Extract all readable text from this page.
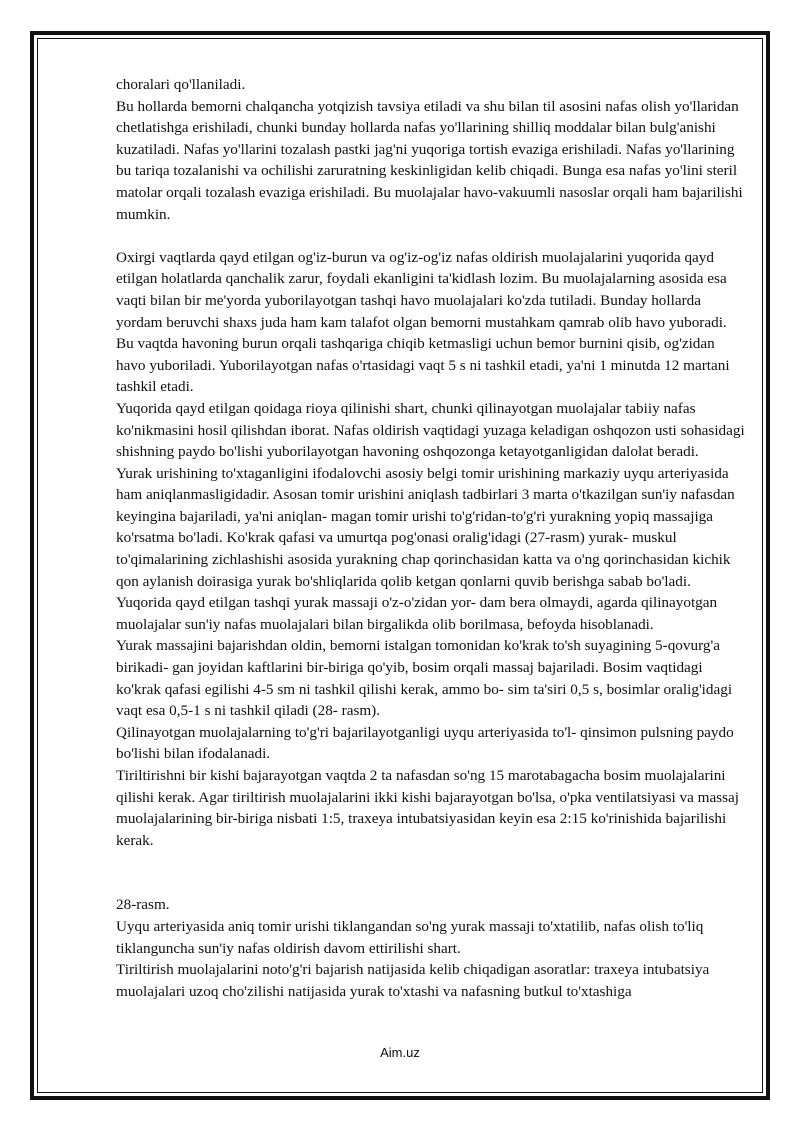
choralari qo'llaniladi.

Bu hollarda bemorni chalqancha yotqizish tavsiya etiladi va shu bilan til asosini nafas olish yo'llaridan chetlatishga erishiladi, chunki bunday hollarda nafas yo'llarining shilliq moddalar bilan bulg'anishi kuzatiladi. Nafas yo'llarini tozalash pastki jag'ni yuqoriga tortish evaziga erishiladi. Nafas yo'llarining bu tariqa tozalanishi va ochilishi zaruratning keskinligidan kelib chiqadi. Bunga esa nafas yo'lini steril matolar orqali tozalash evaziga erishiladi. Bu muolajalar havo-vakuumli nasoslar orqali ham bajarilishi mumkin.

Oxirgi vaqtlarda qayd etilgan og'iz-burun va og'iz-og'iz nafas oldirish muolajalarini yuqorida qayd etilgan holatlarda qanchalik zarur, foydali ekanligini ta'kidlash lozim. Bu muolajalarning asosida esa vaqti bilan bir me'yorda yuborilayotgan tashqi havo muolajalari ko'zda tutiladi. Bunday hollarda yordam beruvchi shaxs juda ham kam talafot olgan bemorni mustahkam qamrab olib havo yuboradi. Bu vaqtda havoning burun orqali tashqariga chiqib ketmasligi uchun bemor burnini qisib, og'zidan havo yuboriladi. Yuborilayotgan nafas o'rtasidagi vaqt 5 s ni tashkil etadi, ya'ni 1 minutda 12 martani tashkil etadi.

Yuqorida qayd etilgan qoidaga rioya qilinishi shart, chunki qilinayotgan muolajalar tabiiy nafas ko'nikmasini hosil qilishdan iborat. Nafas oldirish vaqtidagi yuzaga keladigan oshqozon usti sohasidagi shishning paydo bo'lishi yuborilayotgan havoning oshqozonga ketayotganligidan dalolat beradi.

Yurak urishining to'xtaganligini ifodalovchi asosiy belgi tomir urishining markaziy uyqu arteriyasida ham aniqlanmasligidadir. Asosan tomir urishini aniqlash tadbirlari 3 marta o'tkazilgan sun'iy nafasdan keyingina bajariladi, ya'ni aniqlan- magan tomir urishi to'g'ridan-to'g'ri yurakning yopiq massajiga ko'rsatma bo'ladi. Ko'krak qafasi va umurtqa pog'onasi oralig'idagi (27-rasm) yurak- muskul to'qimalarining zichlashishi asosida yurakning chap qorinchasidan katta va o'ng qorinchasidan kichik qon aylanish doirasiga yurak bo'shliqlarida qolib ketgan qonlarni quvib berishga sabab bo'ladi. Yuqorida qayd etilgan tashqi yurak massaji o'z-o'zidan yor- dam bera olmaydi, agarda qilinayotgan muolajalar sun'iy nafas muolajalari bilan birgalikda olib borilmasa, befoyda hisoblanadi.

Yurak massajini bajarishdan oldin, bemorni istalgan tomonidan ko'krak to'sh suyagining 5-qovurg'a birikadi- gan joyidan kaftlarini bir-biriga qo'yib, bosim orqali massaj bajariladi. Bosim vaqtidagi ko'krak qafasi egilishi 4-5 sm ni tashkil qilishi kerak, ammo bo- sim ta'siri 0,5 s, bosimlar oralig'idagi vaqt esa 0,5-1 s ni tashkil qiladi (28- rasm).

Qilinayotgan muolajalarning to'g'ri bajarilayotganligi uyqu arteriyasida to'l- qinsimon pulsning paydo bo'lishi bilan ifodalanadi.

Tiriltirishni bir kishi bajarayotgan vaqtda 2 ta nafasdan so'ng 15 marotabagacha bosim muolajalarini qilishi kerak. Agar tiriltirish muolajalarini ikki kishi bajarayotgan bo'lsa, o'pka ventilatsiyasi va massaj muolajalarining bir-biriga nisbati 1:5, traxeya intubatsiyasidan keyin esa 2:15 ko'rinishida bajarilishi kerak.

28-rasm.

Uyqu arteriyasida aniq tomir urishi tiklangandan so'ng yurak massaji to'xtatilib, nafas olish to'liq tiklanguncha sun'iy nafas oldirish davom ettirilishi shart.

Tiriltirish muolajalarini noto'g'ri bajarish natijasida kelib chiqadigan asoratlar: traxeya intubatsiya muolajalari uzoq cho'zilishi natijasida yurak to'xtashi va nafasning butkul to'xtashiga

Aim.uz
